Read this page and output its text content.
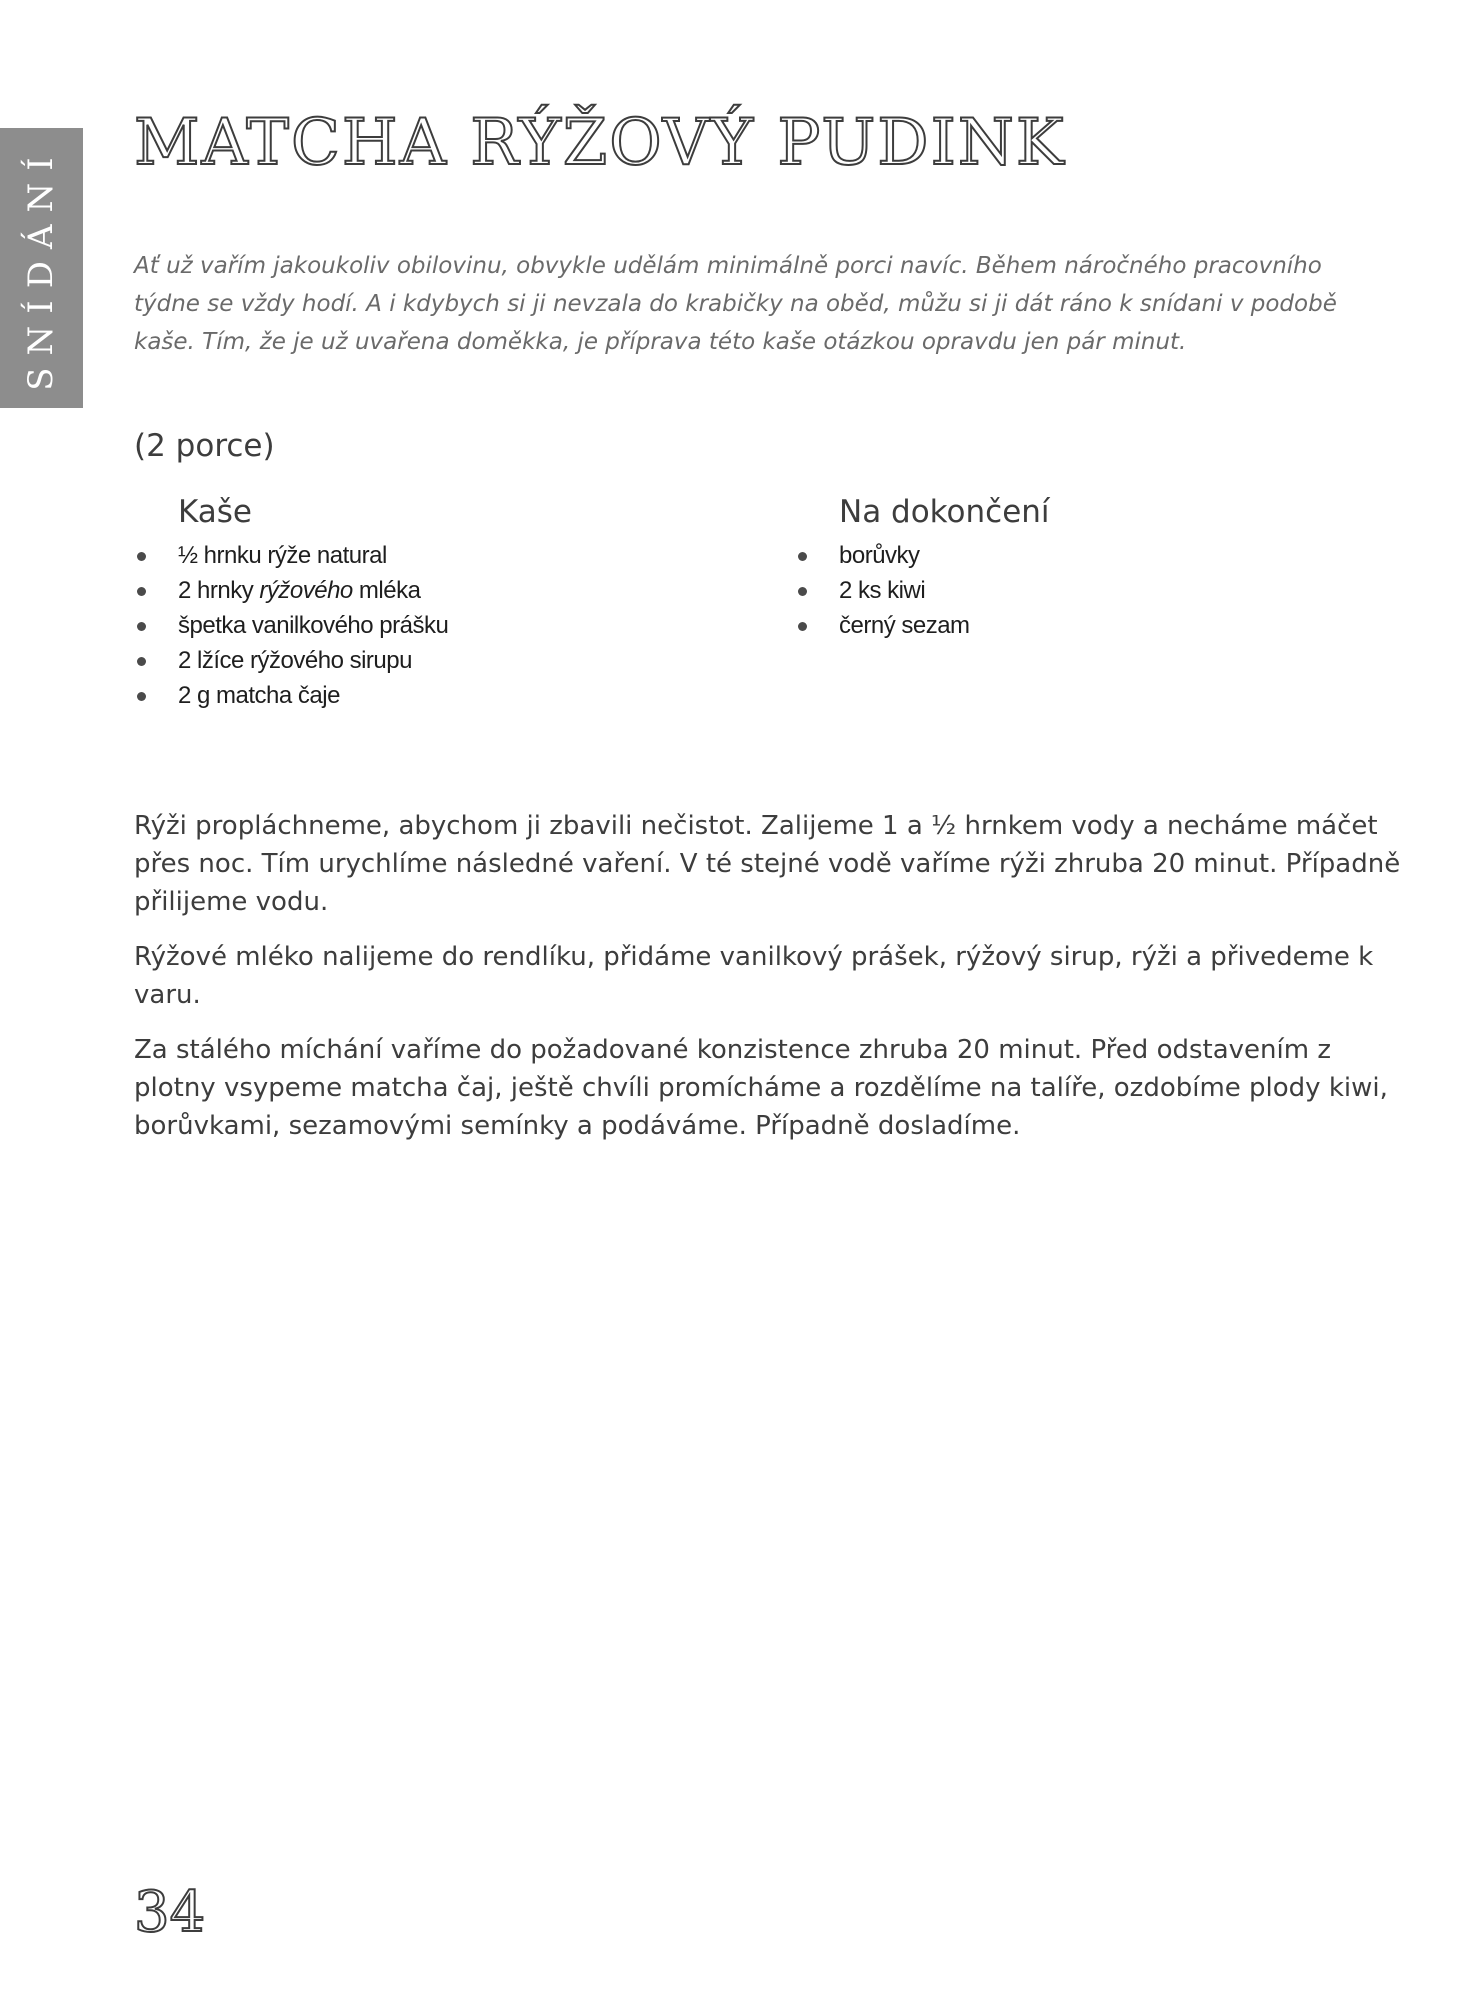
SNÍDÁNÍ
MATCHA RÝŽOVÝ PUDINK

Ať už vařím jakoukoliv obilovinu, obvykle udělám minimálně porci navíc. Během náročného pracovního týdne se vždy hodí. A i kdybych si ji nevzala do krabičky na oběd, můžu si ji dát ráno k snídani v podobě kaše. Tím, že je už uvařena doměkka, je příprava této kaše otázkou opravdu jen pár minut.

(2 porce)
Kaše
½ hrnku rýže natural
2 hrnky rýžového mléka
špetka vanilkového prášku
2 lžíce rýžového sirupu
2 g matcha čaje
Na dokončení
borůvky
2 ks kiwi
černý sezam

Rýži propláchneme, abychom ji zbavili nečistot. Zalijeme 1 a ½ hrnkem vody a necháme máčet přes noc. Tím urychlíme následné vaření. V té stejné vodě vaříme rýži zhruba 20 minut. Případně přilijeme vodu.

Rýžové mléko nalijeme do rendlíku, přidáme vanilkový prášek, rýžový sirup, rýži a přivedeme k varu.

Za stálého míchání vaříme do požadované konzistence zhruba 20 minut. Před odstavením z plotny vsypeme matcha čaj, ještě chvíli promícháme a rozdělíme na talíře, ozdobíme plody kiwi, borůvkami, sezamovými semínky a podáváme. Případně dosladíme.

34
